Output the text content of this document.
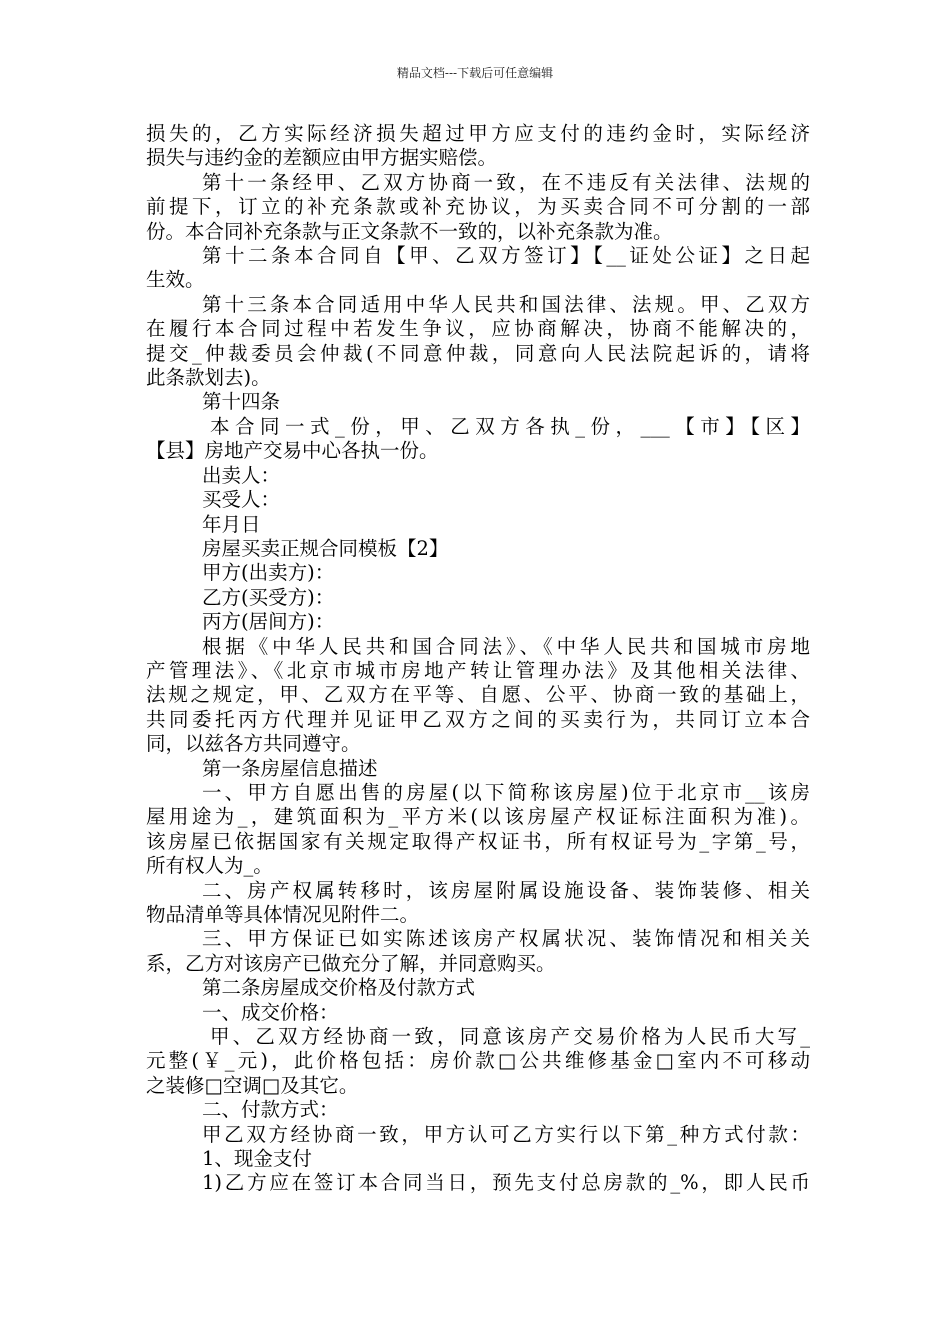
精品文档---下载后可任意编辑

损失的，乙方实际经济损失超过甲方应支付的违约金时，实际经济

损失与违约金的差额应由甲方据实赔偿。

第十一条经甲、乙双方协商一致，在不违反有关法律、法规的

前提下，订立的补充条款或补充协议，为买卖合同不可分割的一部

份。本合同补充条款与正文条款不一致的，以补充条款为准。

第十二条本合同自【甲、乙双方签订】【__证处公证】之日起

生效。

第十三条本合同适用中华人民共和国法律、法规。甲、乙双方

在履行本合同过程中若发生争议，应协商解决，协商不能解决的，

提交_仲裁委员会仲裁(不同意仲裁，同意向人民法院起诉的，请将

此条款划去)。

第十四条

本合同一式_份，甲、乙双方各执_份，___【市】【区】

【县】房地产交易中心各执一份。

出卖人：

买受人：

年月日

房屋买卖正规合同模板【2】

甲方(出卖方)：

乙方(买受方)：

丙方(居间方)：

根据《中华人民共和国合同法》、《中华人民共和国城市房地

产管理法》、《北京市城市房地产转让管理办法》及其他相关法律、

法规之规定，甲、乙双方在平等、自愿、公平、协商一致的基础上，

共同委托丙方代理并见证甲乙双方之间的买卖行为，共同订立本合

同，以兹各方共同遵守。

第一条房屋信息描述

一、甲方自愿出售的房屋(以下简称该房屋)位于北京市__该房

屋用途为_，建筑面积为_平方米(以该房屋产权证标注面积为准)。

该房屋已依据国家有关规定取得产权证书，所有权证号为_字第_号，

所有权人为_。

二、房产权属转移时，该房屋附属设施设备、装饰装修、相关

物品清单等具体情况见附件二。

三、甲方保证已如实陈述该房产权属状况、装饰情况和相关关

系，乙方对该房产已做充分了解，并同意购买。

第二条房屋成交价格及付款方式

一、成交价格：

甲、乙双方经协商一致，同意该房产交易价格为人民币大写_

元整(￥_元)，此价格包括：房价款□公共维修基金□室内不可移动

之装修□空调□及其它。

二、付款方式：

甲乙双方经协商一致，甲方认可乙方实行以下第_种方式付款：

1、现金支付

1)乙方应在签订本合同当日，预先支付总房款的_%，即人民币
